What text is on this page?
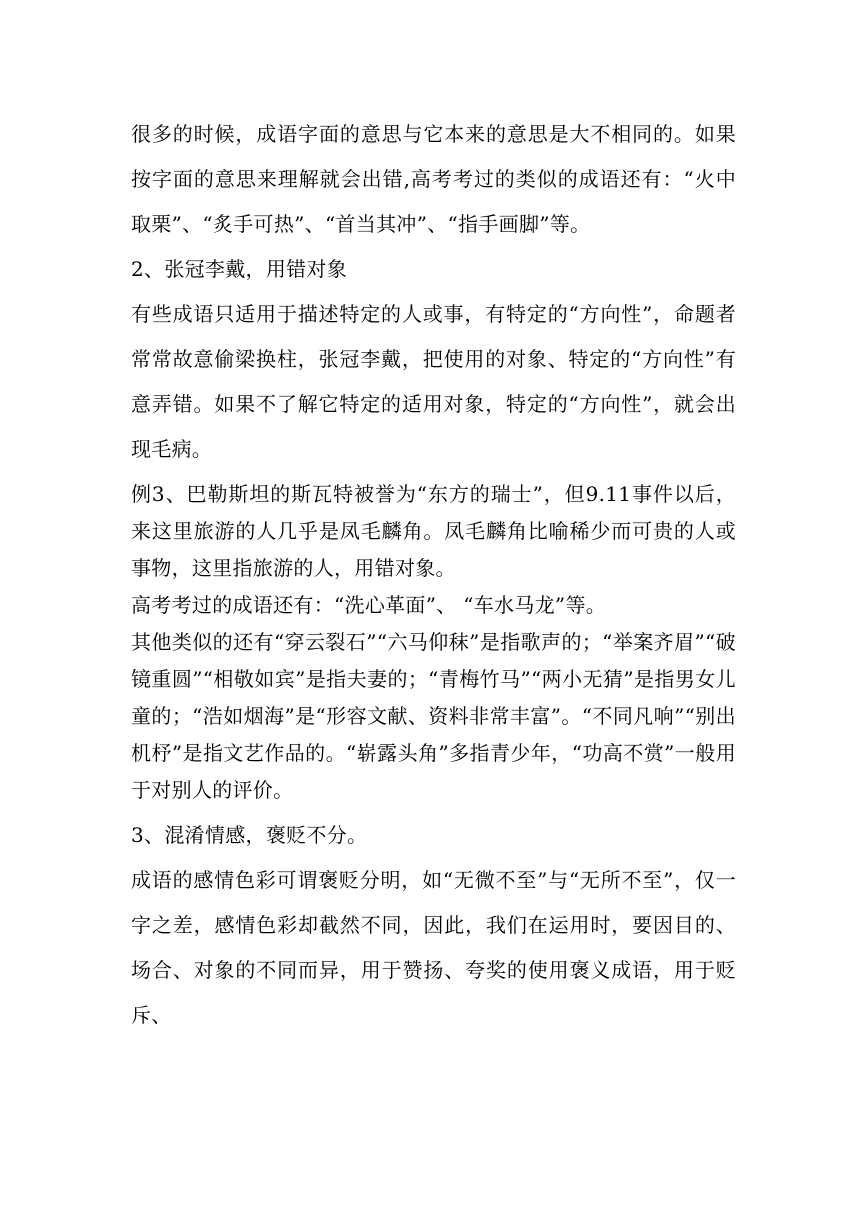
很多的时候，成语字面的意思与它本来的意思是大不相同的。如果按字面的意思来理解就会出错,高考考过的类似的成语还有：“火中取栗”、“炙手可热”、“首当其冲”、“指手画脚”等。

2、张冠李戴，用错对象

有些成语只适用于描述特定的人或事，有特定的“方向性”，命题者常常故意偷梁换柱，张冠李戴，把使用的对象、特定的“方向性”有意弄错。如果不了解它特定的适用对象，特定的“方向性”，就会出现毛病。

例3、巴勒斯坦的斯瓦特被誉为“东方的瑞士”，但9.11事件以后，来这里旅游的人几乎是凤毛麟角。凤毛麟角比喻稀少而可贵的人或事物，这里指旅游的人，用错对象。

高考考过的成语还有：“洗心革面”、 “车水马龙”等。

其他类似的还有“穿云裂石”“六马仰秣”是指歌声的；“举案齐眉”“破镜重圆”“相敬如宾”是指夫妻的；“青梅竹马”“两小无猜”是指男女儿童的；“浩如烟海”是“形容文献、资料非常丰富”。“不同凡响”“别出机杼”是指文艺作品的。“崭露头角”多指青少年，“功高不赏”一般用于对别人的评价。

3、混淆情感，褒贬不分。

成语的感情色彩可谓褒贬分明，如“无微不至”与“无所不至”，仅一字之差，感情色彩却截然不同，因此，我们在运用时，要因目的、场合、对象的不同而异，用于赞扬、夸奖的使用褒义成语，用于贬斥、
